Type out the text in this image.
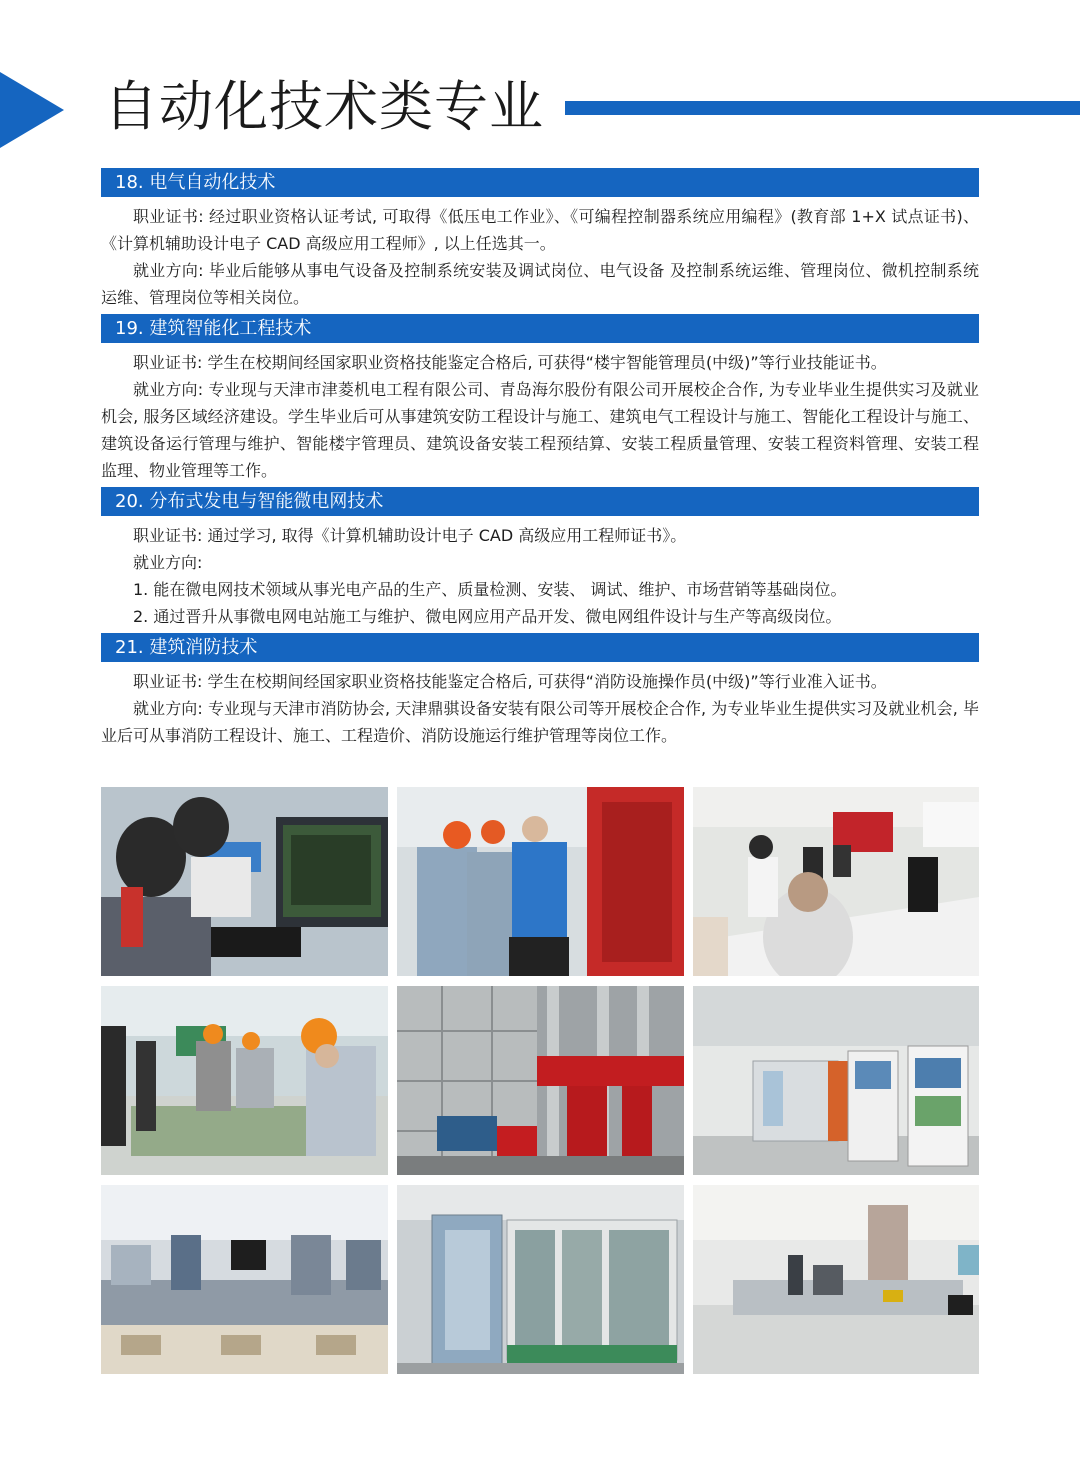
自动化技术类专业
18. 电气自动化技术

职业证书: 经过职业资格认证考试, 可取得《低压电工作业》、《可编程控制器系统应用编程》(教育部 1+X 试点证书)、《计算机辅助设计电子 CAD 高级应用工程师》, 以上任选其一。

就业方向: 毕业后能够从事电气设备及控制系统安装及调试岗位、电气设备 及控制系统运维、管理岗位、微机控制系统运维、管理岗位等相关岗位。

19. 建筑智能化工程技术

职业证书: 学生在校期间经国家职业资格技能鉴定合格后, 可获得“楼宇智能管理员(中级)”等行业技能证书。

就业方向: 专业现与天津市津菱机电工程有限公司、青岛海尔股份有限公司开展校企合作, 为专业毕业生提供实习及就业机会, 服务区域经济建设。学生毕业后可从事建筑安防工程设计与施工、建筑电气工程设计与施工、智能化工程设计与施工、建筑设备运行管理与维护、智能楼宇管理员、建筑设备安装工程预结算、安装工程质量管理、安装工程资料管理、安装工程监理、物业管理等工作。

20. 分布式发电与智能微电网技术

职业证书: 通过学习, 取得《计算机辅助设计电子 CAD 高级应用工程师证书》。

就业方向:

1. 能在微电网技术领域从事光电产品的生产、质量检测、安装、 调试、维护、市场营销等基础岗位。

2. 通过晋升从事微电网电站施工与维护、微电网应用产品开发、微电网组件设计与生产等高级岗位。

21. 建筑消防技术

职业证书: 学生在校期间经国家职业资格技能鉴定合格后, 可获得“消防设施操作员(中级)”等行业准入证书。

就业方向: 专业现与天津市消防协会, 天津鼎骐设备安装有限公司等开展校企合作, 为专业毕业生提供实习及就业机会, 毕业后可从事消防工程设计、施工、工程造价、消防设施运行维护管理等岗位工作。
